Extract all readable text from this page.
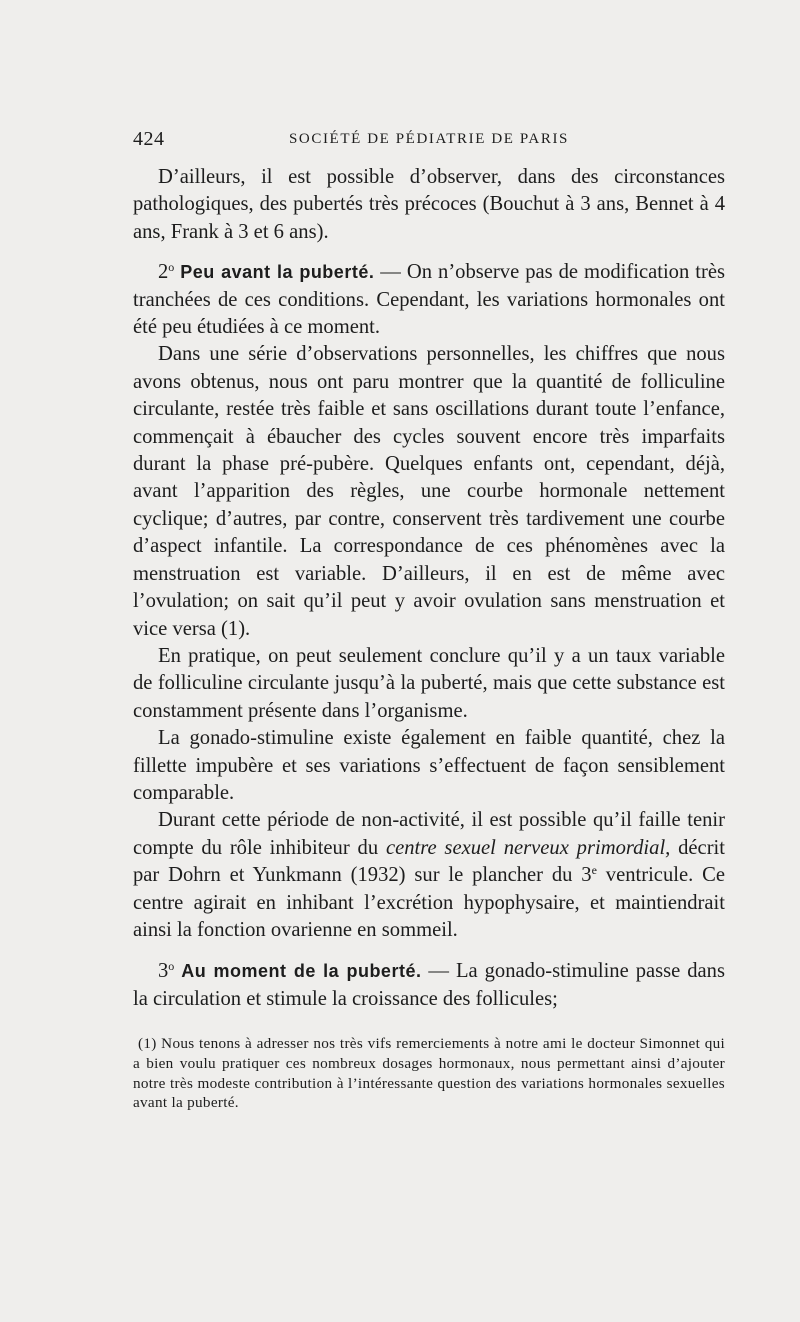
424	SOCIÉTÉ DE PÉDIATRIE DE PARIS

D’ailleurs, il est possible d’observer, dans des circonstances pathologiques, des pubertés très précoces (Bouchut à 3 ans, Bennet à 4 ans, Frank à 3 et 6 ans).

2$^o$ Peu avant la puberté. — On n’observe pas de modification très tranchées de ces conditions. Cependant, les variations hormonales ont été peu étudiées à ce moment.

Dans une série d’observations personnelles, les chiffres que nous avons obtenus, nous ont paru montrer que la quantité de folliculine circulante, restée très faible et sans oscillations durant toute l’enfance, commençait à ébaucher des cycles souvent encore très imparfaits durant la phase pré-pubère. Quelques enfants ont, cependant, déjà, avant l’apparition des règles, une courbe hormonale nettement cyclique; d’autres, par contre, conservent très tardivement une courbe d’aspect infantile. La correspondance de ces phénomènes avec la menstruation est variable. D’ailleurs, il en est de même avec l’ovulation; on sait qu’il peut y avoir ovulation sans menstruation et vice versa (1).

En pratique, on peut seulement conclure qu’il y a un taux variable de folliculine circulante jusqu’à la puberté, mais que cette substance est constamment présente dans l’organisme.

La gonado-stimuline existe également en faible quantité, chez la fillette impubère et ses variations s’effectuent de façon sensiblement comparable.

Durant cette période de non-activité, il est possible qu’il faille tenir compte du rôle inhibiteur du centre sexuel nerveux primordial, décrit par Dohrn et Yunkmann (1932) sur le plancher du 3e ventricule. Ce centre agirait en inhibant l’excrétion hypophysaire, et maintiendrait ainsi la fonction ovarienne en sommeil.

3$^o$ Au moment de la puberté. — La gonado-stimuline passe dans la circulation et stimule la croissance des follicules;

(1) Nous tenons à adresser nos très vifs remerciements à notre ami le docteur Simonnet qui a bien voulu pratiquer ces nombreux dosages hormonaux, nous permettant ainsi d’ajouter notre très modeste contribution à l’intéressante question des variations hormonales sexuelles avant la puberté.
